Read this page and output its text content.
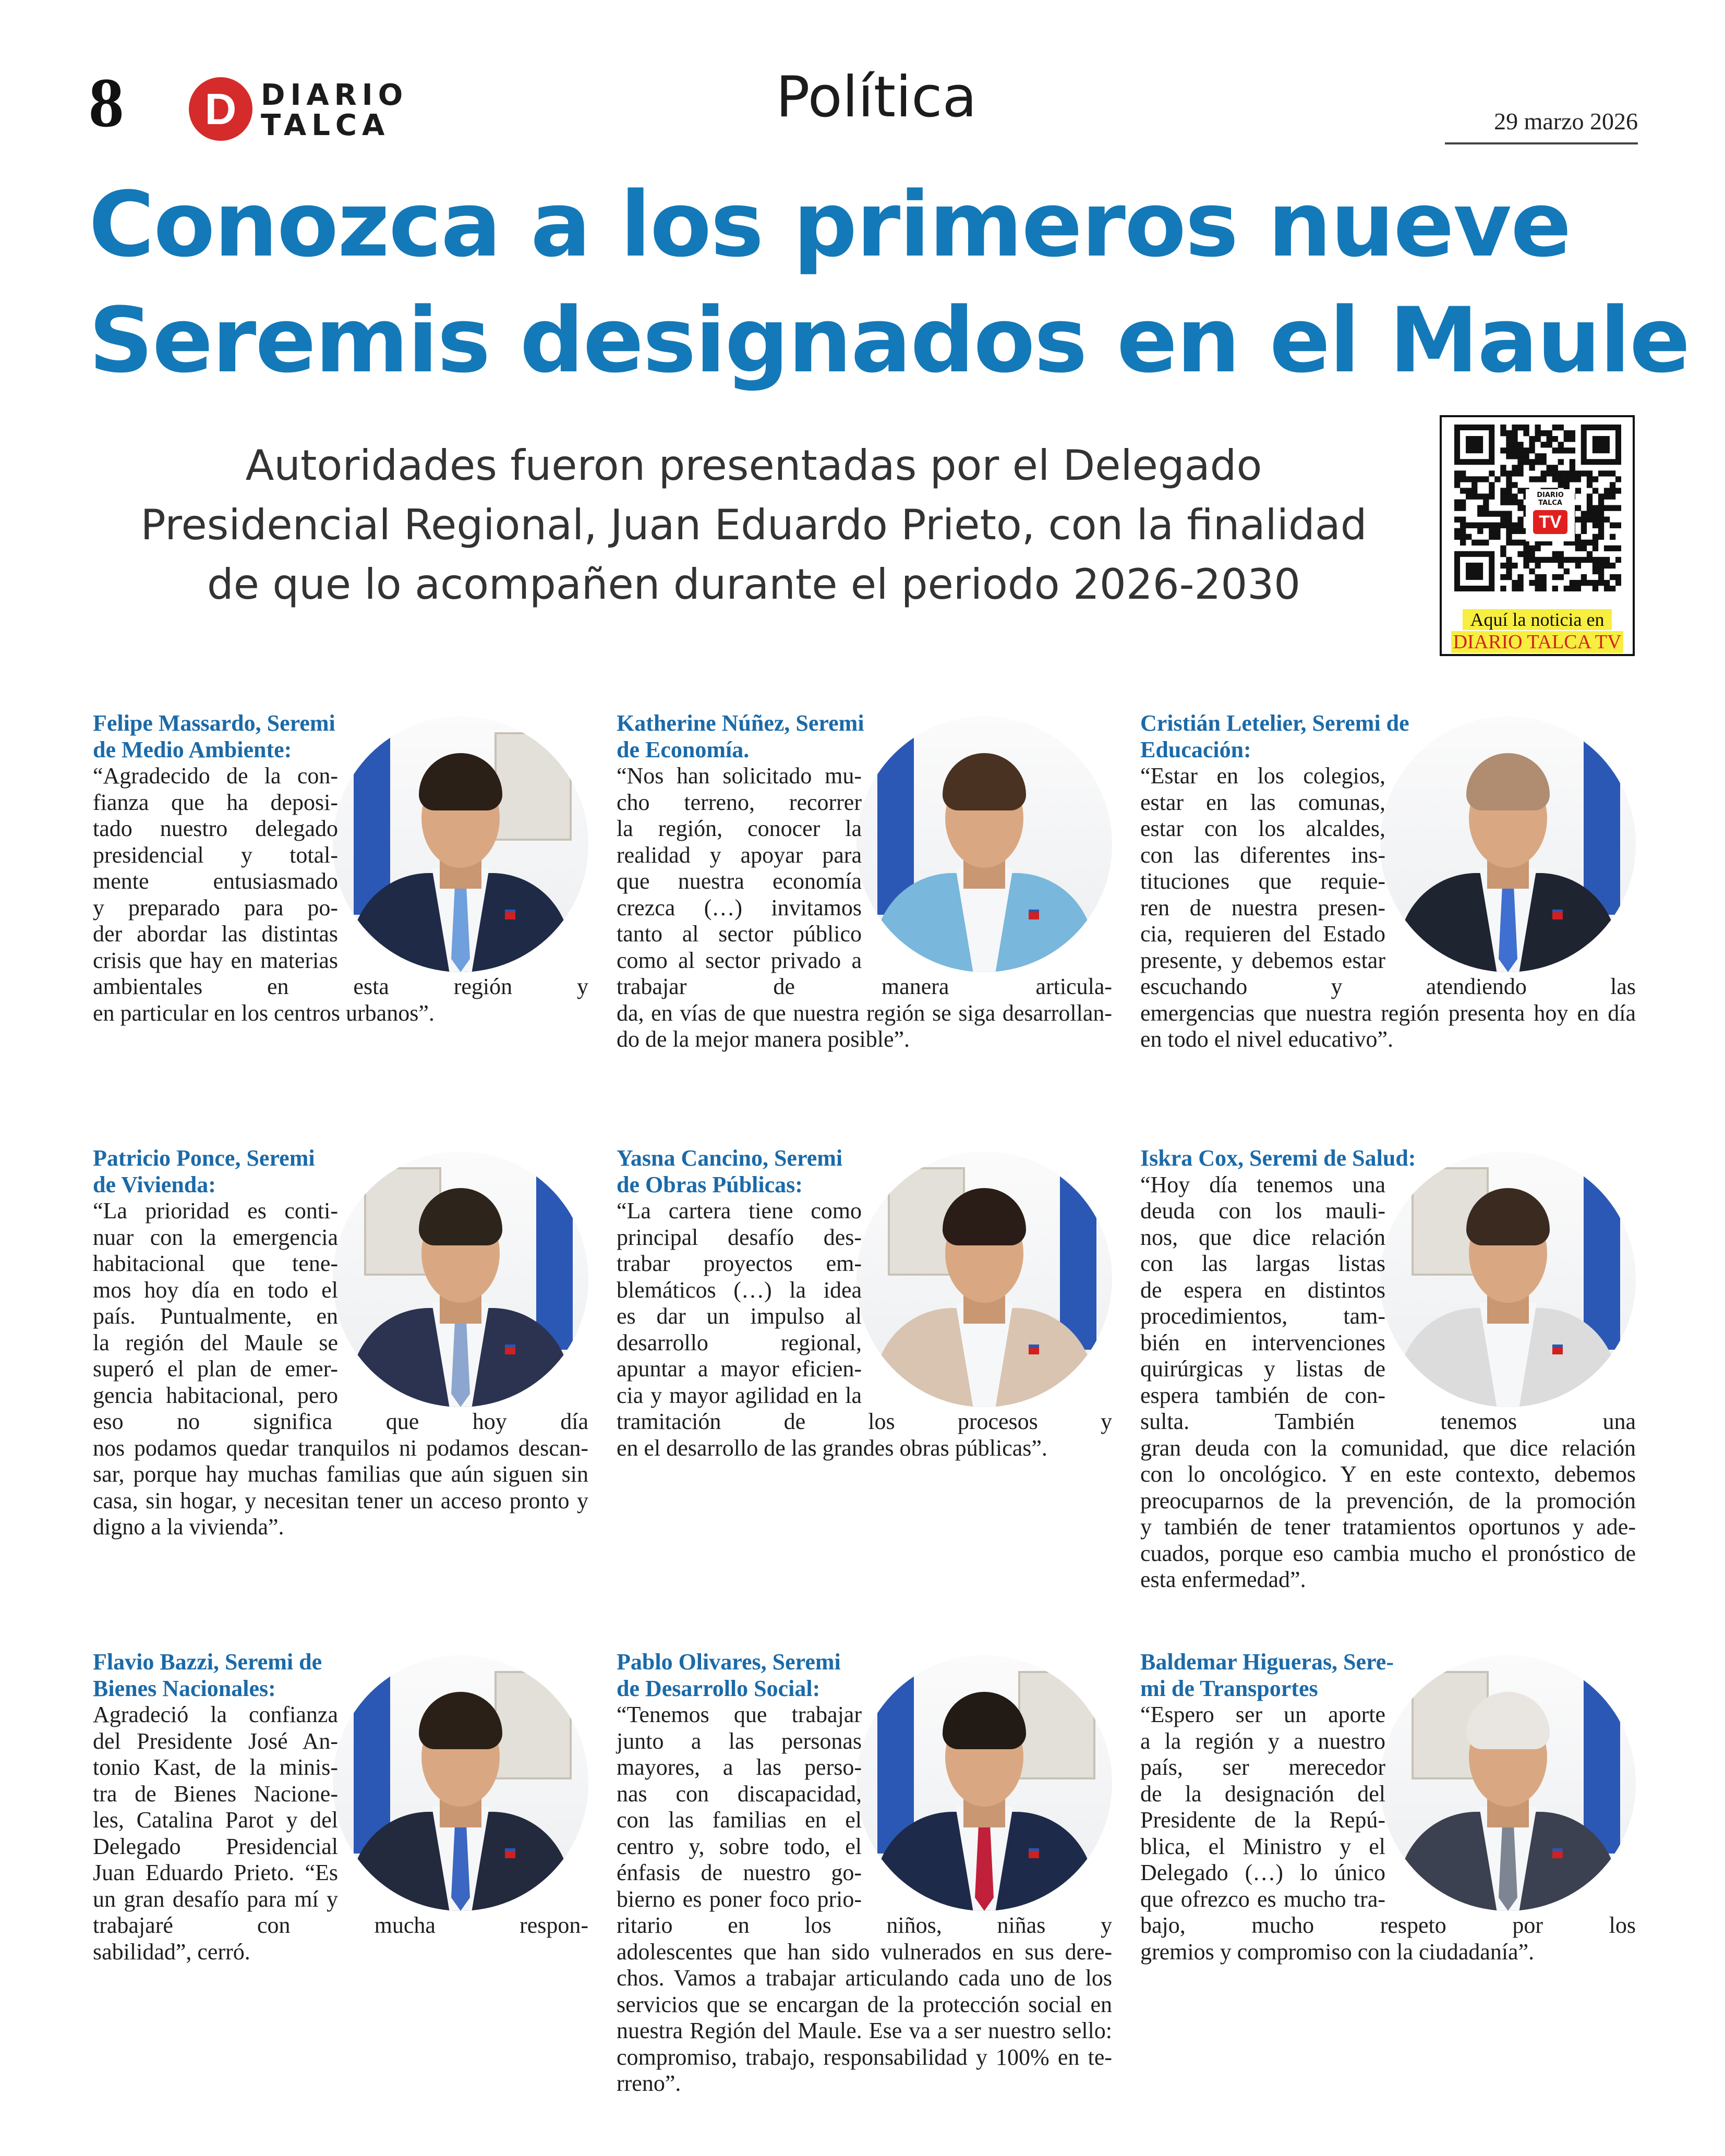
8	D DIARIO
TALCA	Política	29 marzo 2026
Conozca a los primeros nueve
Seremis designados en el Maule
Autoridades fueron presentadas por el Delegado
Presidencial Regional, Juan Eduardo Prieto, con la finalidad
de que lo acompañen durante el periodo 2026-2030
DIARIO TALCA
TV
Aquí la noticia en
DIARIO TALCA TV
Felipe Massardo, Seremi
de Medio Ambiente:
“Agradecido de la con-
fianza que ha deposi-
tado nuestro delegado
presidencial y total-
mente entusiasmado
y preparado para po-
der abordar las distintas
crisis que hay en materias
ambientales en esta región y
en particular en los centros urbanos”.
Katherine Núñez, Seremi
de Economía.
“Nos han solicitado mu-
cho terreno, recorrer
la región, conocer la
realidad y apoyar para
que nuestra economía
crezca (…) invitamos
tanto al sector público
como al sector privado a
trabajar de manera articula-
da, en vías de que nuestra región se siga desarrollan-
do de la mejor manera posible”.
Cristián Letelier, Seremi de
Educación:
“Estar en los colegios,
estar en las comunas,
estar con los alcaldes,
con las diferentes ins-
tituciones que requie-
ren de nuestra presen-
cia, requieren del Estado
presente, y debemos estar
escuchando y atendiendo las
emergencias que nuestra región presenta hoy en día
en todo el nivel educativo”.
Patricio Ponce, Seremi
de Vivienda:
“La prioridad es conti-
nuar con la emergencia
habitacional que tene-
mos hoy día en todo el
país. Puntualmente, en
la región del Maule se
superó el plan de emer-
gencia habitacional, pero
eso no significa que hoy día
nos podamos quedar tranquilos ni podamos descan-
sar, porque hay muchas familias que aún siguen sin
casa, sin hogar, y necesitan tener un acceso pronto y
digno a la vivienda”.
Yasna Cancino, Seremi
de Obras Públicas:
“La cartera tiene como
principal desafío des-
trabar proyectos em-
blemáticos (…) la idea
es dar un impulso al
desarrollo regional,
apuntar a mayor eficien-
cia y mayor agilidad en la
tramitación de los procesos y
en el desarrollo de las grandes obras públicas”.
Iskra Cox, Seremi de Salud:
“Hoy día tenemos una
deuda con los mauli-
nos, que dice relación
con las largas listas
de espera en distintos
procedimientos, tam-
bién en intervenciones
quirúrgicas y listas de
espera también de con-
sulta. También tenemos una
gran deuda con la comunidad, que dice relación
con lo oncológico. Y en este contexto, debemos
preocuparnos de la prevención, de la promoción
y también de tener tratamientos oportunos y ade-
cuados, porque eso cambia mucho el pronóstico de
esta enfermedad”.
Flavio Bazzi, Seremi de
Bienes Nacionales:
Agradeció la confianza
del Presidente José An-
tonio Kast, de la minis-
tra de Bienes Nacione-
les, Catalina Parot y del
Delegado Presidencial
Juan Eduardo Prieto. “Es
un gran desafío para mí y
trabajaré con mucha respon-
sabilidad”, cerró.
Pablo Olivares, Seremi
de Desarrollo Social:
“Tenemos que trabajar
junto a las personas
mayores, a las perso-
nas con discapacidad,
con las familias en el
centro y, sobre todo, el
énfasis de nuestro go-
bierno es poner foco prio-
ritario en los niños, niñas y
adolescentes que han sido vulnerados en sus dere-
chos. Vamos a trabajar articulando cada uno de los
servicios que se encargan de la protección social en
nuestra Región del Maule. Ese va a ser nuestro sello:
compromiso, trabajo, responsabilidad y 100% en te-
rreno”.
Baldemar Higueras, Sere-
mi de Transportes
“Espero ser un aporte
a la región y a nuestro
país, ser merecedor
de la designación del
Presidente de la Repú-
blica, el Ministro y el
Delegado (…) lo único
que ofrezco es mucho tra-
bajo, mucho respeto por los
gremios y compromiso con la ciudadanía”.
